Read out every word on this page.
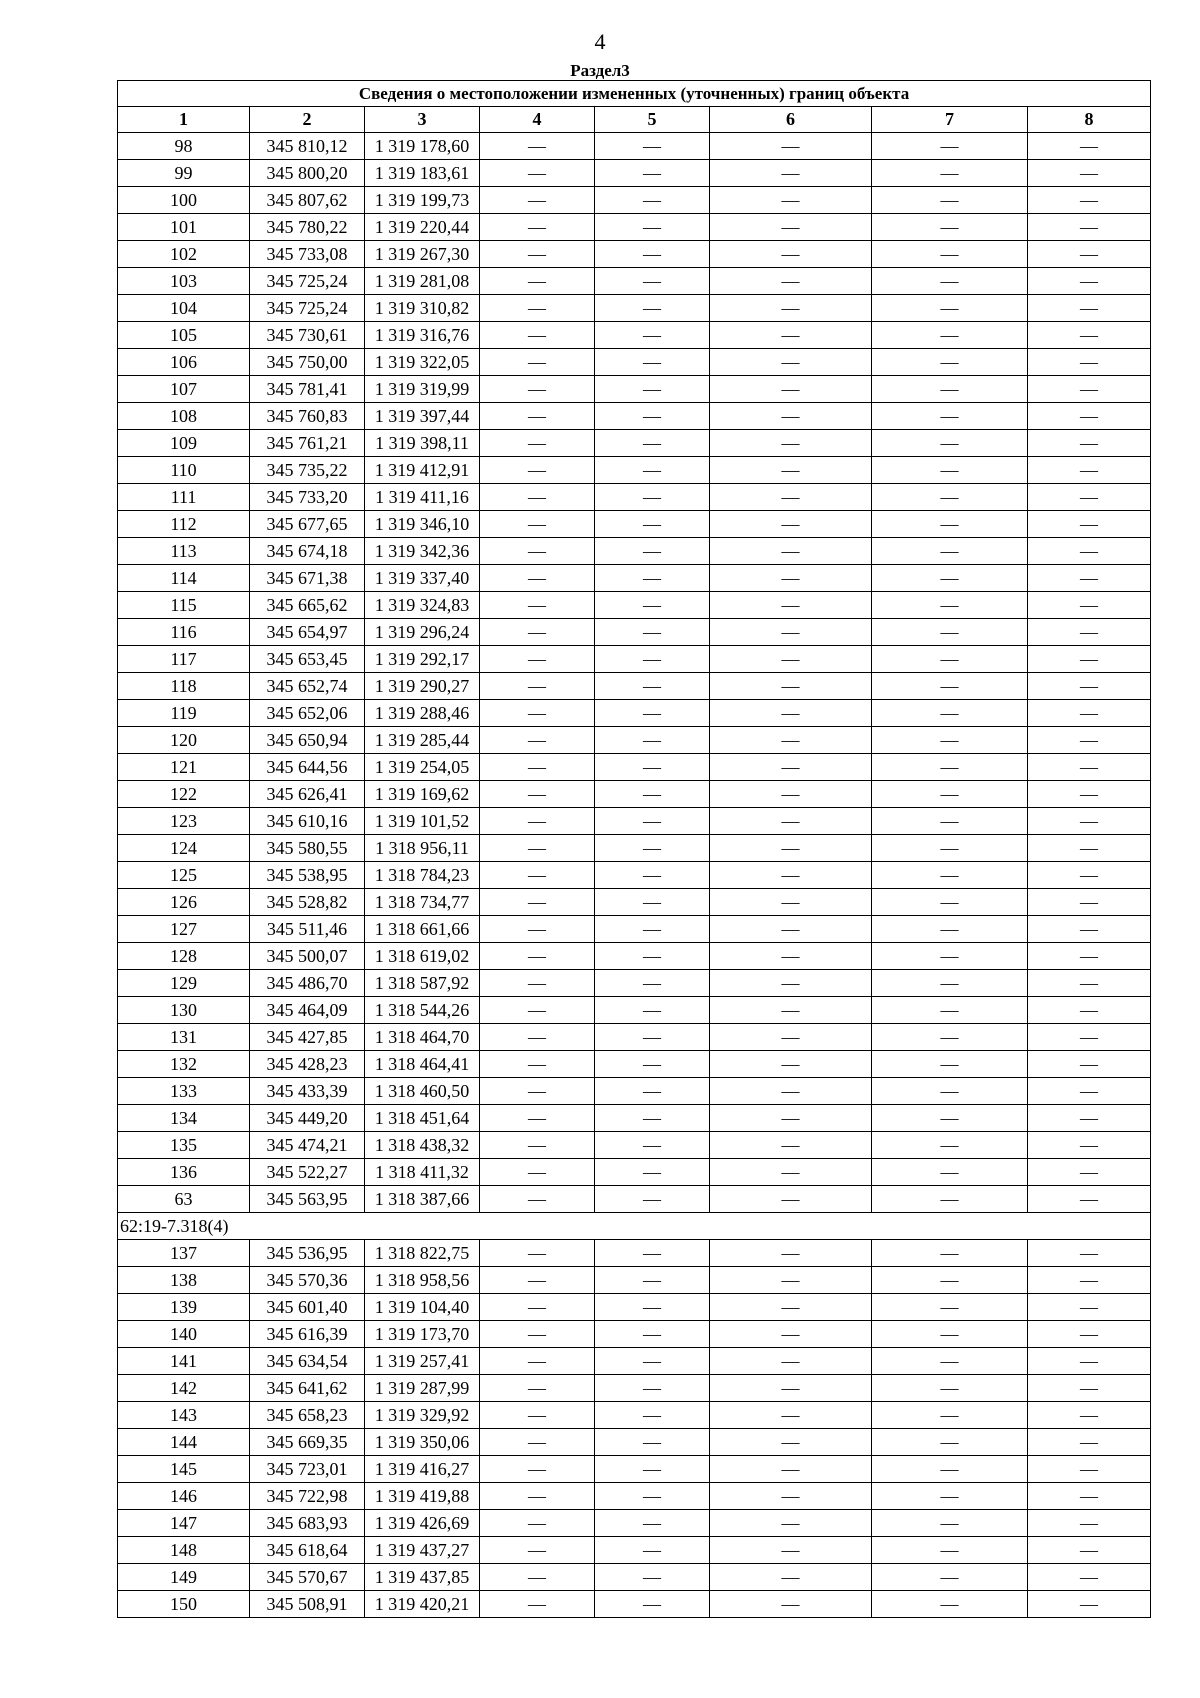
4
Раздел3
Сведения о местоположении измененных (уточненных) границ объекта							
1	2	3	4	5	6	7	8
98	345 810,12	1 319 178,60	—	—	—	—	—
99	345 800,20	1 319 183,61	—	—	—	—	—
100	345 807,62	1 319 199,73	—	—	—	—	—
101	345 780,22	1 319 220,44	—	—	—	—	—
102	345 733,08	1 319 267,30	—	—	—	—	—
103	345 725,24	1 319 281,08	—	—	—	—	—
104	345 725,24	1 319 310,82	—	—	—	—	—
105	345 730,61	1 319 316,76	—	—	—	—	—
106	345 750,00	1 319 322,05	—	—	—	—	—
107	345 781,41	1 319 319,99	—	—	—	—	—
108	345 760,83	1 319 397,44	—	—	—	—	—
109	345 761,21	1 319 398,11	—	—	—	—	—
110	345 735,22	1 319 412,91	—	—	—	—	—
111	345 733,20	1 319 411,16	—	—	—	—	—
112	345 677,65	1 319 346,10	—	—	—	—	—
113	345 674,18	1 319 342,36	—	—	—	—	—
114	345 671,38	1 319 337,40	—	—	—	—	—
115	345 665,62	1 319 324,83	—	—	—	—	—
116	345 654,97	1 319 296,24	—	—	—	—	—
117	345 653,45	1 319 292,17	—	—	—	—	—
118	345 652,74	1 319 290,27	—	—	—	—	—
119	345 652,06	1 319 288,46	—	—	—	—	—
120	345 650,94	1 319 285,44	—	—	—	—	—
121	345 644,56	1 319 254,05	—	—	—	—	—
122	345 626,41	1 319 169,62	—	—	—	—	—
123	345 610,16	1 319 101,52	—	—	—	—	—
124	345 580,55	1 318 956,11	—	—	—	—	—
125	345 538,95	1 318 784,23	—	—	—	—	—
126	345 528,82	1 318 734,77	—	—	—	—	—
127	345 511,46	1 318 661,66	—	—	—	—	—
128	345 500,07	1 318 619,02	—	—	—	—	—
129	345 486,70	1 318 587,92	—	—	—	—	—
130	345 464,09	1 318 544,26	—	—	—	—	—
131	345 427,85	1 318 464,70	—	—	—	—	—
132	345 428,23	1 318 464,41	—	—	—	—	—
133	345 433,39	1 318 460,50	—	—	—	—	—
134	345 449,20	1 318 451,64	—	—	—	—	—
135	345 474,21	1 318 438,32	—	—	—	—	—
136	345 522,27	1 318 411,32	—	—	—	—	—
63	345 563,95	1 318 387,66	—	—	—	—	—
62:19-7.318(4)							
137	345 536,95	1 318 822,75	—	—	—	—	—
138	345 570,36	1 318 958,56	—	—	—	—	—
139	345 601,40	1 319 104,40	—	—	—	—	—
140	345 616,39	1 319 173,70	—	—	—	—	—
141	345 634,54	1 319 257,41	—	—	—	—	—
142	345 641,62	1 319 287,99	—	—	—	—	—
143	345 658,23	1 319 329,92	—	—	—	—	—
144	345 669,35	1 319 350,06	—	—	—	—	—
145	345 723,01	1 319 416,27	—	—	—	—	—
146	345 722,98	1 319 419,88	—	—	—	—	—
147	345 683,93	1 319 426,69	—	—	—	—	—
148	345 618,64	1 319 437,27	—	—	—	—	—
149	345 570,67	1 319 437,85	—	—	—	—	—
150	345 508,91	1 319 420,21	—	—	—	—	—
